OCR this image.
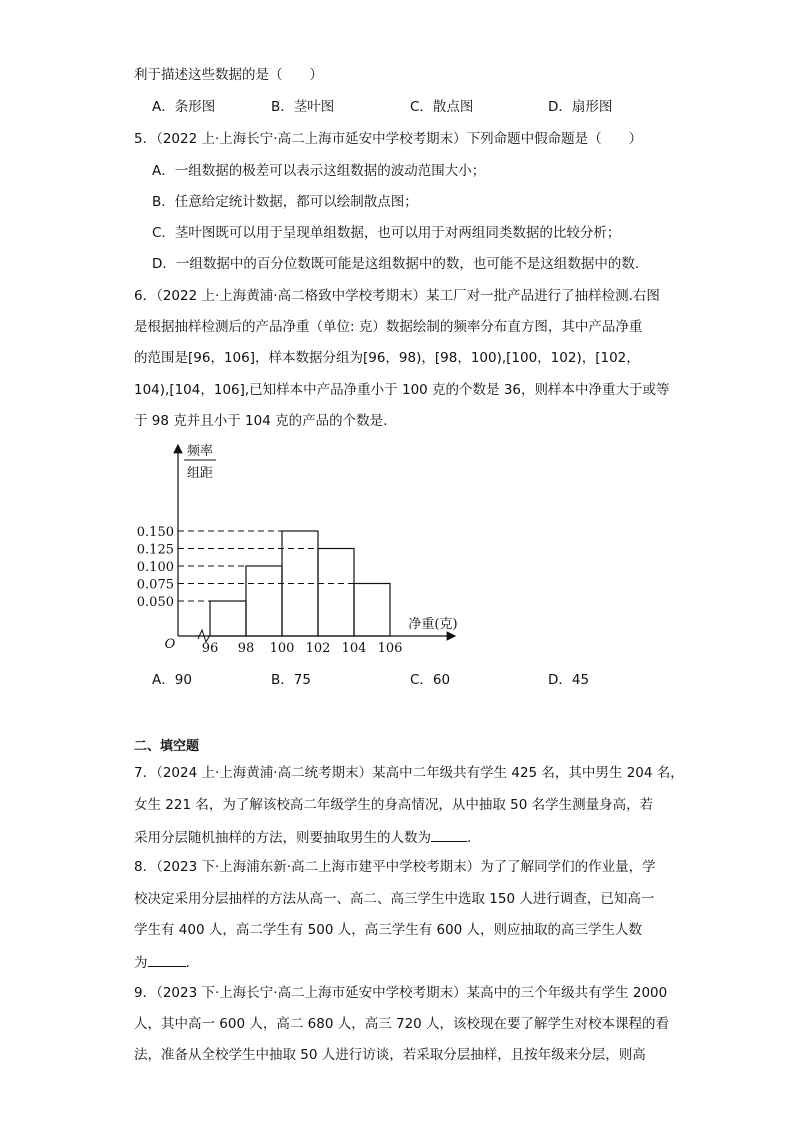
利于描述这些数据的是（　　）
A．条形图	B．茎叶图	C．散点图	D．扇形图
5．（2022 上·上海长宁·高二上海市延安中学校考期末）下列命题中假命题是（　　）
A．一组数据的极差可以表示这组数据的波动范围大小；
B．任意给定统计数据，都可以绘制散点图；
C．茎叶图既可以用于呈现单组数据，也可以用于对两组同类数据的比较分析；
D．一组数据中的百分位数既可能是这组数据中的数，也可能不是这组数据中的数.
6．（2022 上·上海黄浦·高二格致中学校考期末）某工厂对一批产品进行了抽样检测.右图
是根据抽样检测后的产品净重（单位: 克）数据绘制的频率分布直方图，其中产品净重
的范围是[96，106]，样本数据分组为[96，98)，[98，100),[100，102)，[102，
104),[104，106],已知样本中产品净重小于 100 克的个数是 36，则样本中净重大于或等
于 98 克并且小于 104 克的产品的个数是.
0.150
0.125
0.100
0.075
0.050
96 98 100 102 104 106
O
频率
组距
净重(克)
A．90	B．75	C．60	D．45
二、填空题
7．（2024 上·上海黄浦·高二统考期末）某高中二年级共有学生 425 名，其中男生 204 名，
女生 221 名，为了解该校高二年级学生的身高情况，从中抽取 50 名学生测量身高，若
采用分层随机抽样的方法，则要抽取男生的人数为	.
8．（2023 下·上海浦东新·高二上海市建平中学校考期末）为了了解同学们的作业量，学
校决定采用分层抽样的方法从高一、高二、高三学生中选取 150 人进行调查，已知高一
学生有 400 人，高二学生有 500 人，高三学生有 600 人，则应抽取的高三学生人数
为	.
9．（2023 下·上海长宁·高二上海市延安中学校考期末）某高中的三个年级共有学生 2000
人，其中高一 600 人，高二 680 人，高三 720 人，该校现在要了解学生对校本课程的看
法，准备从全校学生中抽取 50 人进行访谈，若采取分层抽样，且按年级来分层，则高
